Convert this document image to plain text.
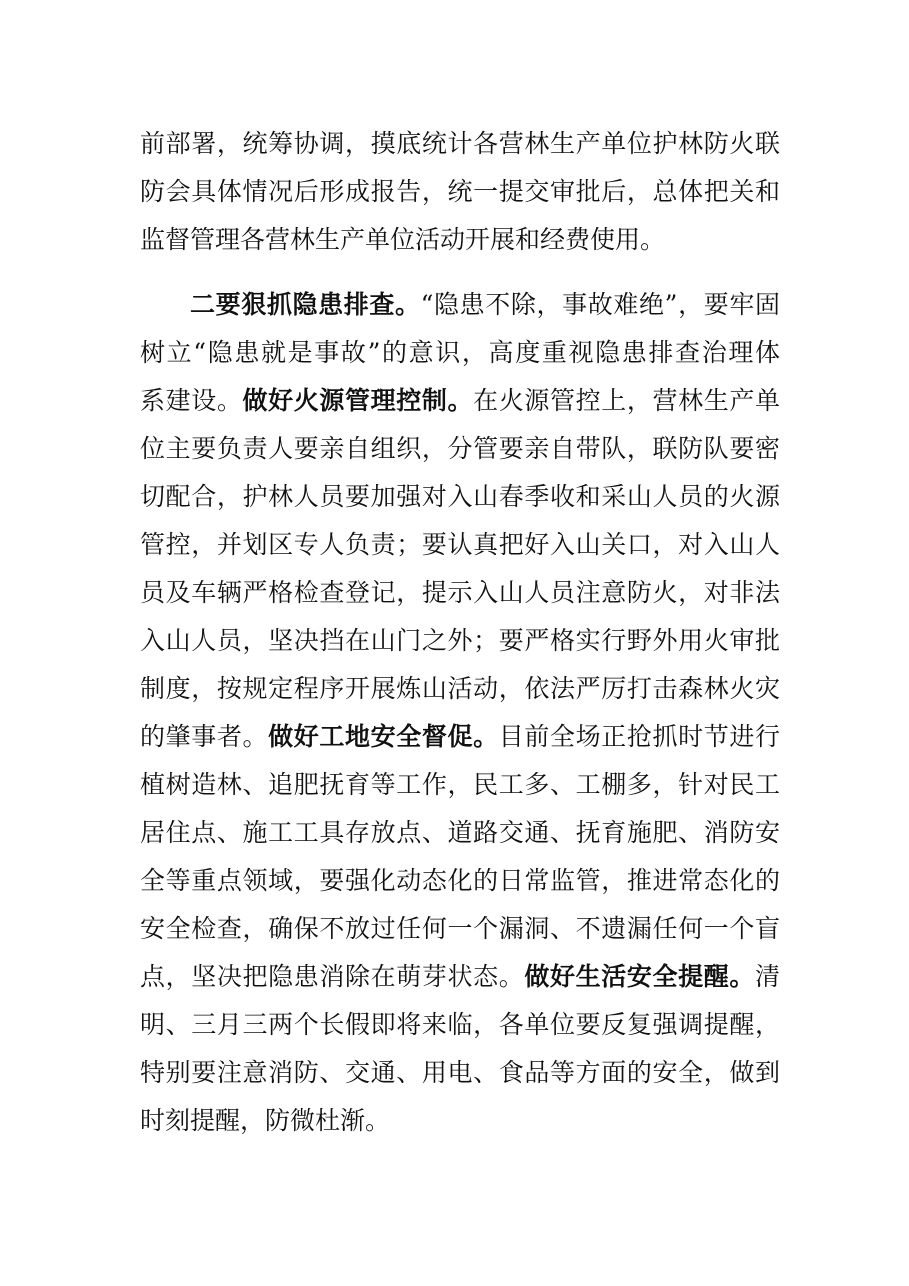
前部署，统筹协调，摸底统计各营林生产单位护林防火联
防会具体情况后形成报告，统一提交审批后，总体把关和
监督管理各营林生产单位活动开展和经费使用。
二要狠抓隐患排查。“隐患不除，事故难绝”，要牢固
树立“隐患就是事故”的意识，高度重视隐患排查治理体
系建设。做好火源管理控制。在火源管控上，营林生产单
位主要负责人要亲自组织，分管要亲自带队，联防队要密
切配合，护林人员要加强对入山春季收和采山人员的火源
管控，并划区专人负责；要认真把好入山关口，对入山人
员及车辆严格检查登记，提示入山人员注意防火，对非法
入山人员，坚决挡在山门之外；要严格实行野外用火审批
制度，按规定程序开展炼山活动，依法严厉打击森林火灾
的肇事者。做好工地安全督促。目前全场正抢抓时节进行
植树造林、追肥抚育等工作，民工多、工棚多，针对民工
居住点、施工工具存放点、道路交通、抚育施肥、消防安
全等重点领域，要强化动态化的日常监管，推进常态化的
安全检查，确保不放过任何一个漏洞、不遗漏任何一个盲
点，坚决把隐患消除在萌芽状态。做好生活安全提醒。清
明、三月三两个长假即将来临，各单位要反复强调提醒，
特别要注意消防、交通、用电、食品等方面的安全，做到
时刻提醒，防微杜渐。
